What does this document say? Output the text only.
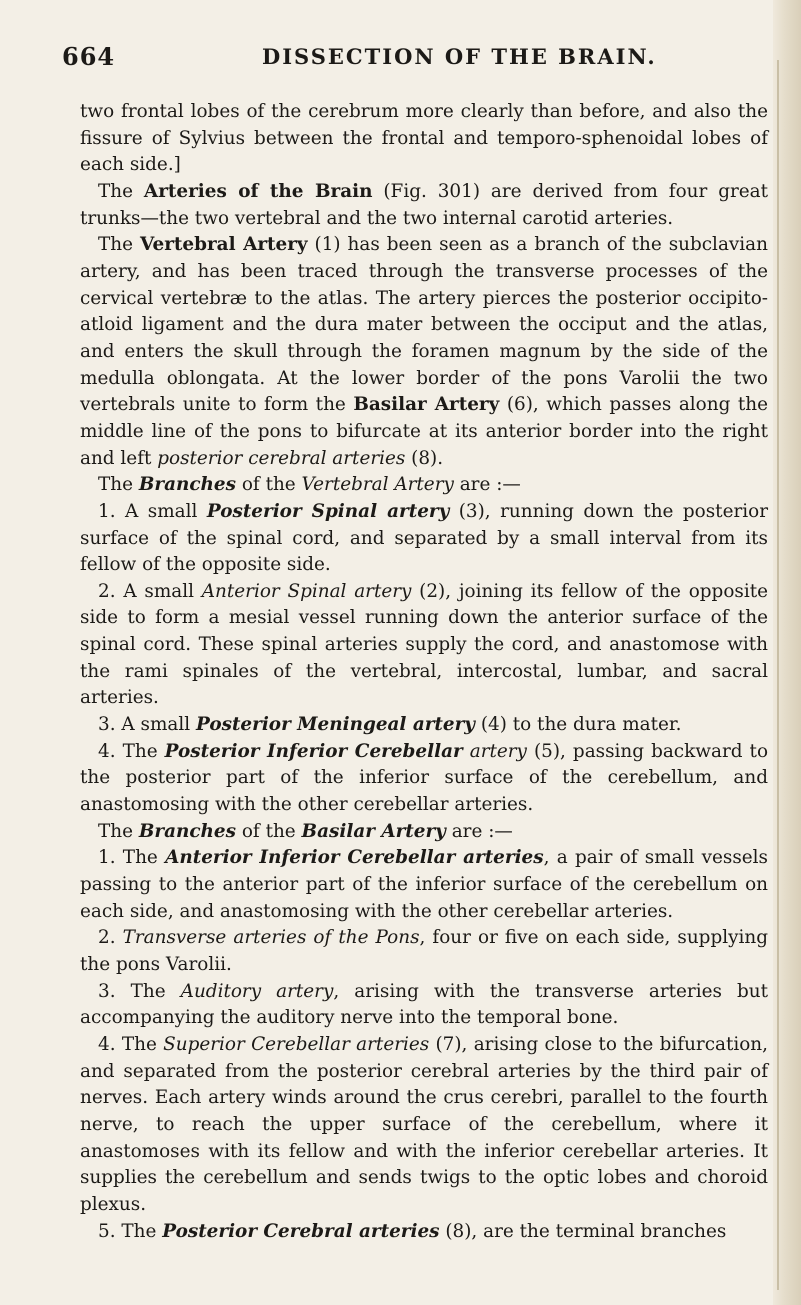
664	DISSECTION OF THE BRAIN.

two frontal lobes of the cerebrum more clearly than before, and also the fissure of Sylvius between the frontal and temporo-sphenoidal lobes of each side.]

The Arteries of the Brain (Fig. 301) are derived from four great trunks—the two vertebral and the two internal carotid arteries.

The Vertebral Artery (1) has been seen as a branch of the subclavian artery, and has been traced through the transverse processes of the cervical vertebræ to the atlas. The artery pierces the posterior occipito-atloid ligament and the dura mater between the occiput and the atlas, and enters the skull through the foramen magnum by the side of the medulla oblongata. At the lower border of the pons Varolii the two vertebrals unite to form the Basilar Artery (6), which passes along the middle line of the pons to bifurcate at its anterior border into the right and left posterior cerebral arteries (8).

The Branches of the Vertebral Artery are :—

1. A small Posterior Spinal artery (3), running down the posterior surface of the spinal cord, and separated by a small interval from its fellow of the opposite side.

2. A small Anterior Spinal artery (2), joining its fellow of the opposite side to form a mesial vessel running down the anterior surface of the spinal cord. These spinal arteries supply the cord, and anastomose with the rami spinales of the vertebral, intercostal, lumbar, and sacral arteries.

3. A small Posterior Meningeal artery (4) to the dura mater.

4. The Posterior Inferior Cerebellar artery (5), passing backward to the posterior part of the inferior surface of the cerebellum, and anastomosing with the other cerebellar arteries.

The Branches of the Basilar Artery are :—

1. The Anterior Inferior Cerebellar arteries, a pair of small vessels passing to the anterior part of the inferior surface of the cerebellum on each side, and anastomosing with the other cerebellar arteries.

2. Transverse arteries of the Pons, four or five on each side, supplying the pons Varolii.

3. The Auditory artery, arising with the transverse arteries but accompanying the auditory nerve into the temporal bone.

4. The Superior Cerebellar arteries (7), arising close to the bifurcation, and separated from the posterior cerebral arteries by the third pair of nerves. Each artery winds around the crus cerebri, parallel to the fourth nerve, to reach the upper surface of the cerebellum, where it anastomoses with its fellow and with the inferior cerebellar arteries. It supplies the cerebellum and sends twigs to the optic lobes and choroid plexus.

5. The Posterior Cerebral arteries (8), are the terminal branches
